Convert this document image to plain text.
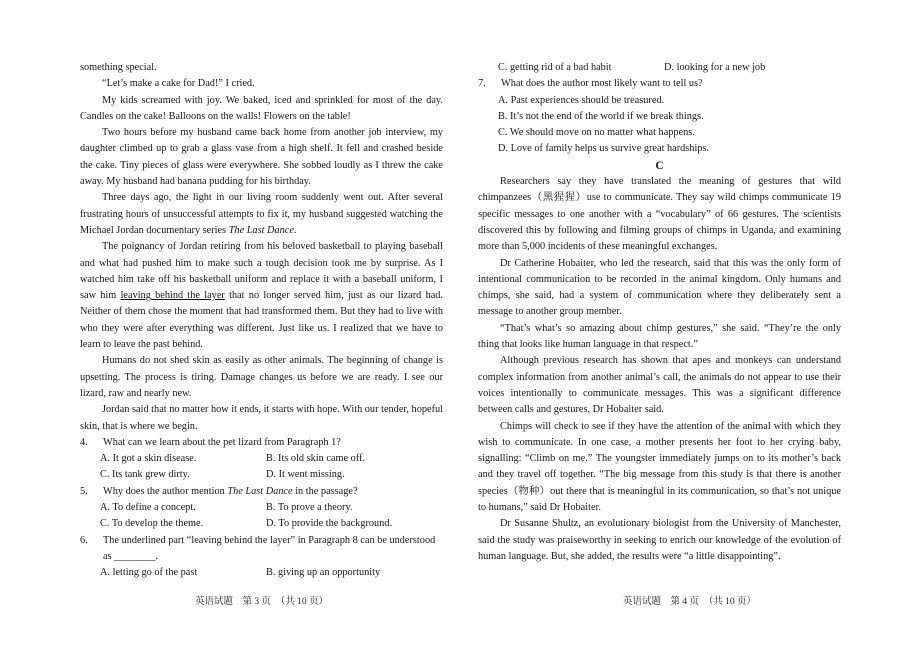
something special.

“Let’s make a cake for Dad!” I cried.

My kids screamed with joy. We baked, iced and sprinkled for most of the day. Candles on the cake! Balloons on the walls! Flowers on the table!

Two hours before my husband came back home from another job interview, my daughter climbed up to grab a glass vase from a high shelf. It fell and crashed beside the cake. Tiny pieces of glass were everywhere. She sobbed loudly as I threw the cake away. My husband had banana pudding for his birthday.

Three days ago, the light in our living room suddenly went out. After several frustrating hours of unsuccessful attempts to fix it, my husband suggested watching the Michael Jordan documentary series The Last Dance.

The poignancy of Jordan retiring from his beloved basketball to playing baseball and what had pushed him to make such a tough decision took me by surprise. As I watched him take off his basketball uniform and replace it with a baseball uniform, I saw him leaving behind the layer that no longer served him, just as our lizard had. Neither of them chose the moment that had transformed them. But they had to live with who they were after everything was different. Just like us. I realized that we have to learn to leave the past behind.

Humans do not shed skin as easily as other animals. The beginning of change is upsetting. The process is tiring. Damage changes us before we are ready. I see our lizard, raw and nearly new.

Jordan said that no matter how it ends, it starts with hope. With our tender, hopeful skin, that is where we begin.

4.	What can we learn about the pet lizard from Paragraph 1?
A. It got a skin disease.	B. Its old skin came off.
C. Its tank grew dirty.	D. It went missing.
5.	Why does the author mention The Last Dance in the passage?
A. To define a concept.	B. To prove a theory.
C. To develop the theme.	D. To provide the background.
6.	The underlined part “leaving behind the layer” in Paragraph 8 can be understood as ________.
A. letting go of the past	B. giving up an opportunity
C. getting rid of a bad habit	D. looking for a new job
7.	What does the author most likely want to tell us?
A. Past experiences should be treasured.
B. It’s not the end of the world if we break things.
C. We should move on no matter what happens.
D. Love of family helps us survive great hardships.

C

Researchers say they have translated the meaning of gestures that wild chimpanzees（黑猩猩）use to communicate. They say wild chimps communicate 19 specific messages to one another with a “vocabulary” of 66 gestures. The scientists discovered this by following and filming groups of chimps in Uganda, and examining more than 5,000 incidents of these meaningful exchanges.

Dr Catherine Hobaiter, who led the research, said that this was the only form of intentional communication to be recorded in the animal kingdom. Only humans and chimps, she said, had a system of communication where they deliberately sent a message to another group member.

“That’s what’s so amazing about chimp gestures,” she said. “They’re the only thing that looks like human language in that respect.”

Although previous research has shown that apes and monkeys can understand complex information from another animal’s call, the animals do not appear to use their voices intentionally to communicate messages. This was a significant difference between calls and gestures, Dr Hobaiter said.

Chimps will check to see if they have the attention of the animal with which they wish to communicate. In one case, a mother presents her foot to her crying baby, signalling: “Climb on me.” The youngster immediately jumps on to its mother’s back and they travel off together. “The big message from this study is that there is another species（物种）out there that is meaningful in its communication, so that’s not unique to humans,” said Dr Hobaiter.

Dr Susanne Shultz, an evolutionary biologist from the University of Manchester, said the study was praiseworthy in seeking to enrich our knowledge of the evolution of human language. But, she added, the results were “a little disappointing”.

英语试题　第 3 页　（共 10 页）	英语试题　第 4 页　（共 10 页）
